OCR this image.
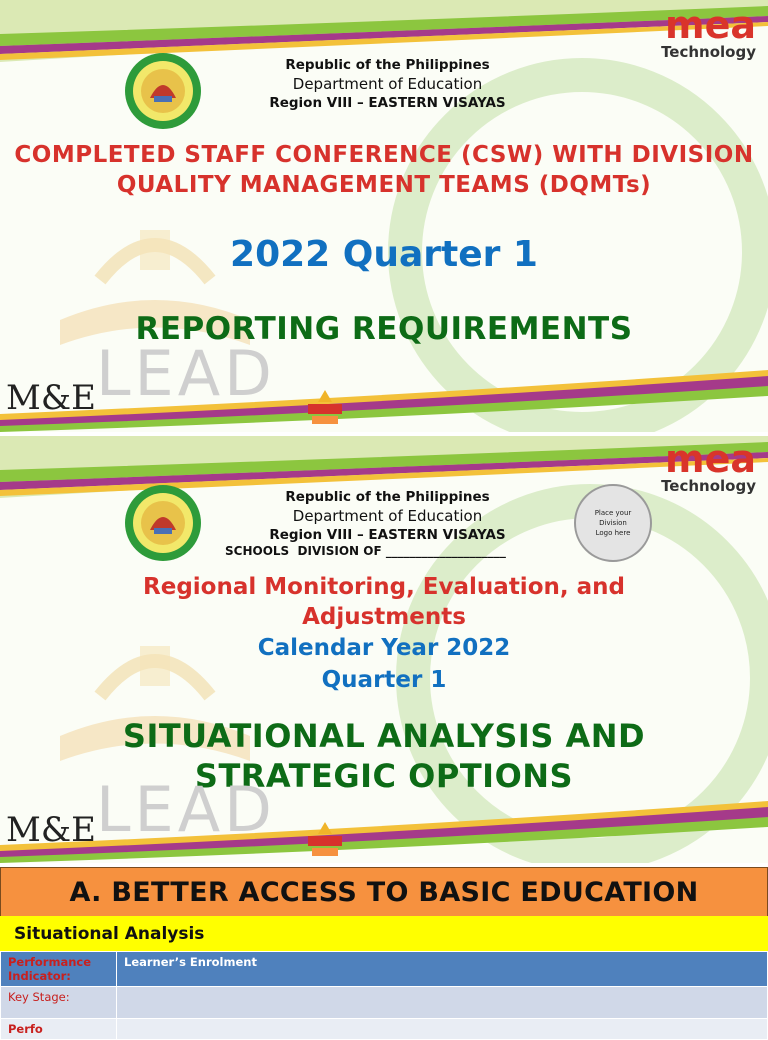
Republic of the Philippines
Department of Education
Region VIII – EASTERN VISAYAS
mea
Technology
COMPLETED STAFF CONFERENCE (CSW) WITH DIVISION QUALITY MANAGEMENT TEAMS (DQMTs)
2022 Quarter 1
REPORTING REQUIREMENTS
LEAD
M&E
Republic of the Philippines
Department of Education
Region VIII – EASTERN VISAYAS
SCHOOLS  DIVISION OF ____________________
Place your
Division
Logo here
mea
Technology
Regional Monitoring, Evaluation, and
Adjustments
Calendar Year 2022
Quarter 1
SITUATIONAL ANALYSIS AND
STRATEGIC OPTIONS
LEAD
M&E
A. BETTER ACCESS TO BASIC EDUCATION
Situational Analysis
Performance Indicator:	Learner’s Enrolment
Key Stage:	
Perfo	
